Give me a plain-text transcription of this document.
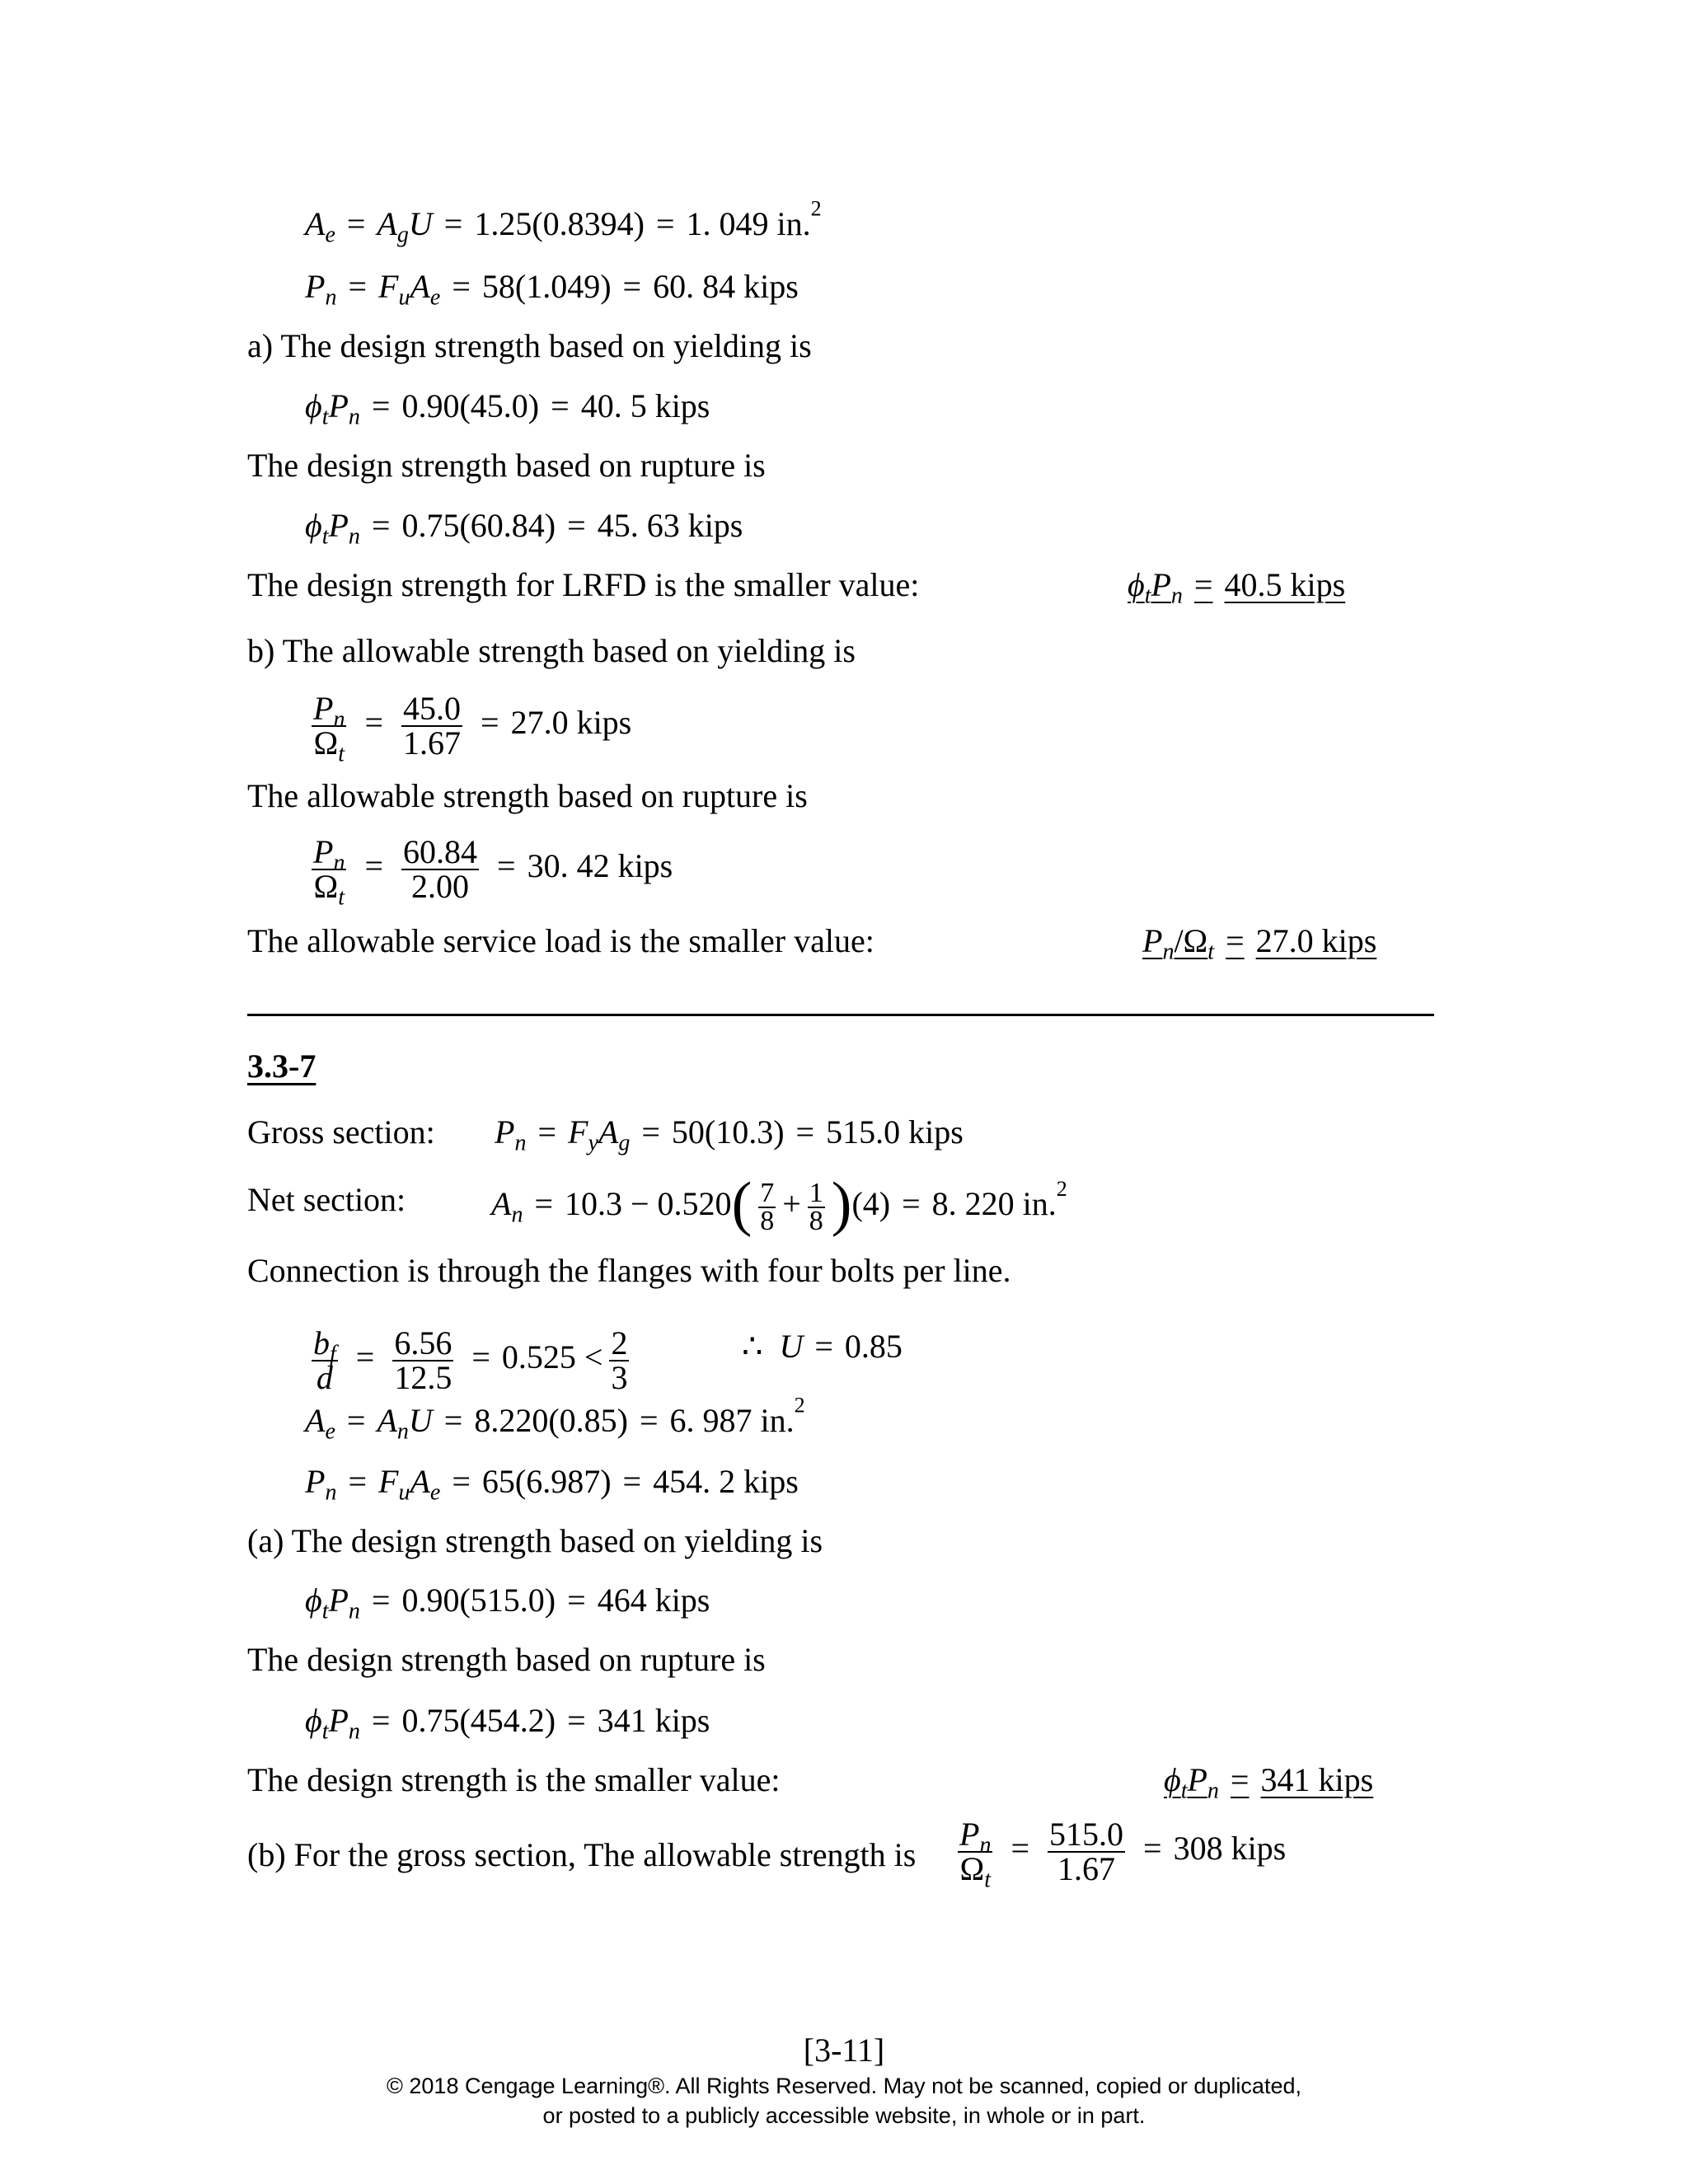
$A_e = A_gU = 1.25(0.8394) = 1$. 049 in.$^2$
$P_n = F_uA_e = 58(1.049) = 60$. 84 kips
a) The design strength based on yielding is
$\phi_tP_n = 0.90(45.0) = 40$. 5 kips
The design strength based on rupture is
$\phi_tP_n = 0.75(60.84) = 45$. 63 kips
The design strength for LRFD is the smaller value:	$\phi_tP_n = 40.5$ kips
b) The allowable strength based on yielding is
$\frac{P_n}{\Omega_t} = \frac{45.0}{1.67} = 27.0$ kips
The allowable strength based on rupture is
$\frac{P_n}{\Omega_t} = \frac{60.84}{2.00} = 30$. 42 kips
The allowable service load is the smaller value:	$P_n/\Omega_t = 27.0$ kips
3.3-7
Gross section: $P_n = F_yA_g = 50(10.3) = 515.0$ kips
Net section:	$A_n = 10.3 - 0.520( \frac{7}{8} + \frac{1}{8} )(4) = 8$. 220 in.$^2$
Connection is through the flanges with four bolts per line.
$\frac{b_f}{d} = \frac{6.56}{12.5} = 0.525 < \frac{2}{3}$	∴  U = 0.85
$A_e = A_nU = 8.220(0.85) = 6$. 987 in.$^2$
$P_n = F_uA_e = 65(6.987) = 454$. 2 kips
(a) The design strength based on yielding is
$\phi_tP_n = 0.90(515.0) = 464$ kips
The design strength based on rupture is
$\phi_tP_n = 0.75(454.2) = 341$ kips
The design strength is the smaller value:	$\phi_tP_n = 341$ kips
(b) For the gross section, The allowable strength is $\frac{P_n}{\Omega_t} = \frac{515.0}{1.67} = 308$ kips
[3-11]
© 2018 Cengage Learning®. All Rights Reserved. May not be scanned, copied or duplicated,
or posted to a publicly accessible website, in whole or in part.
